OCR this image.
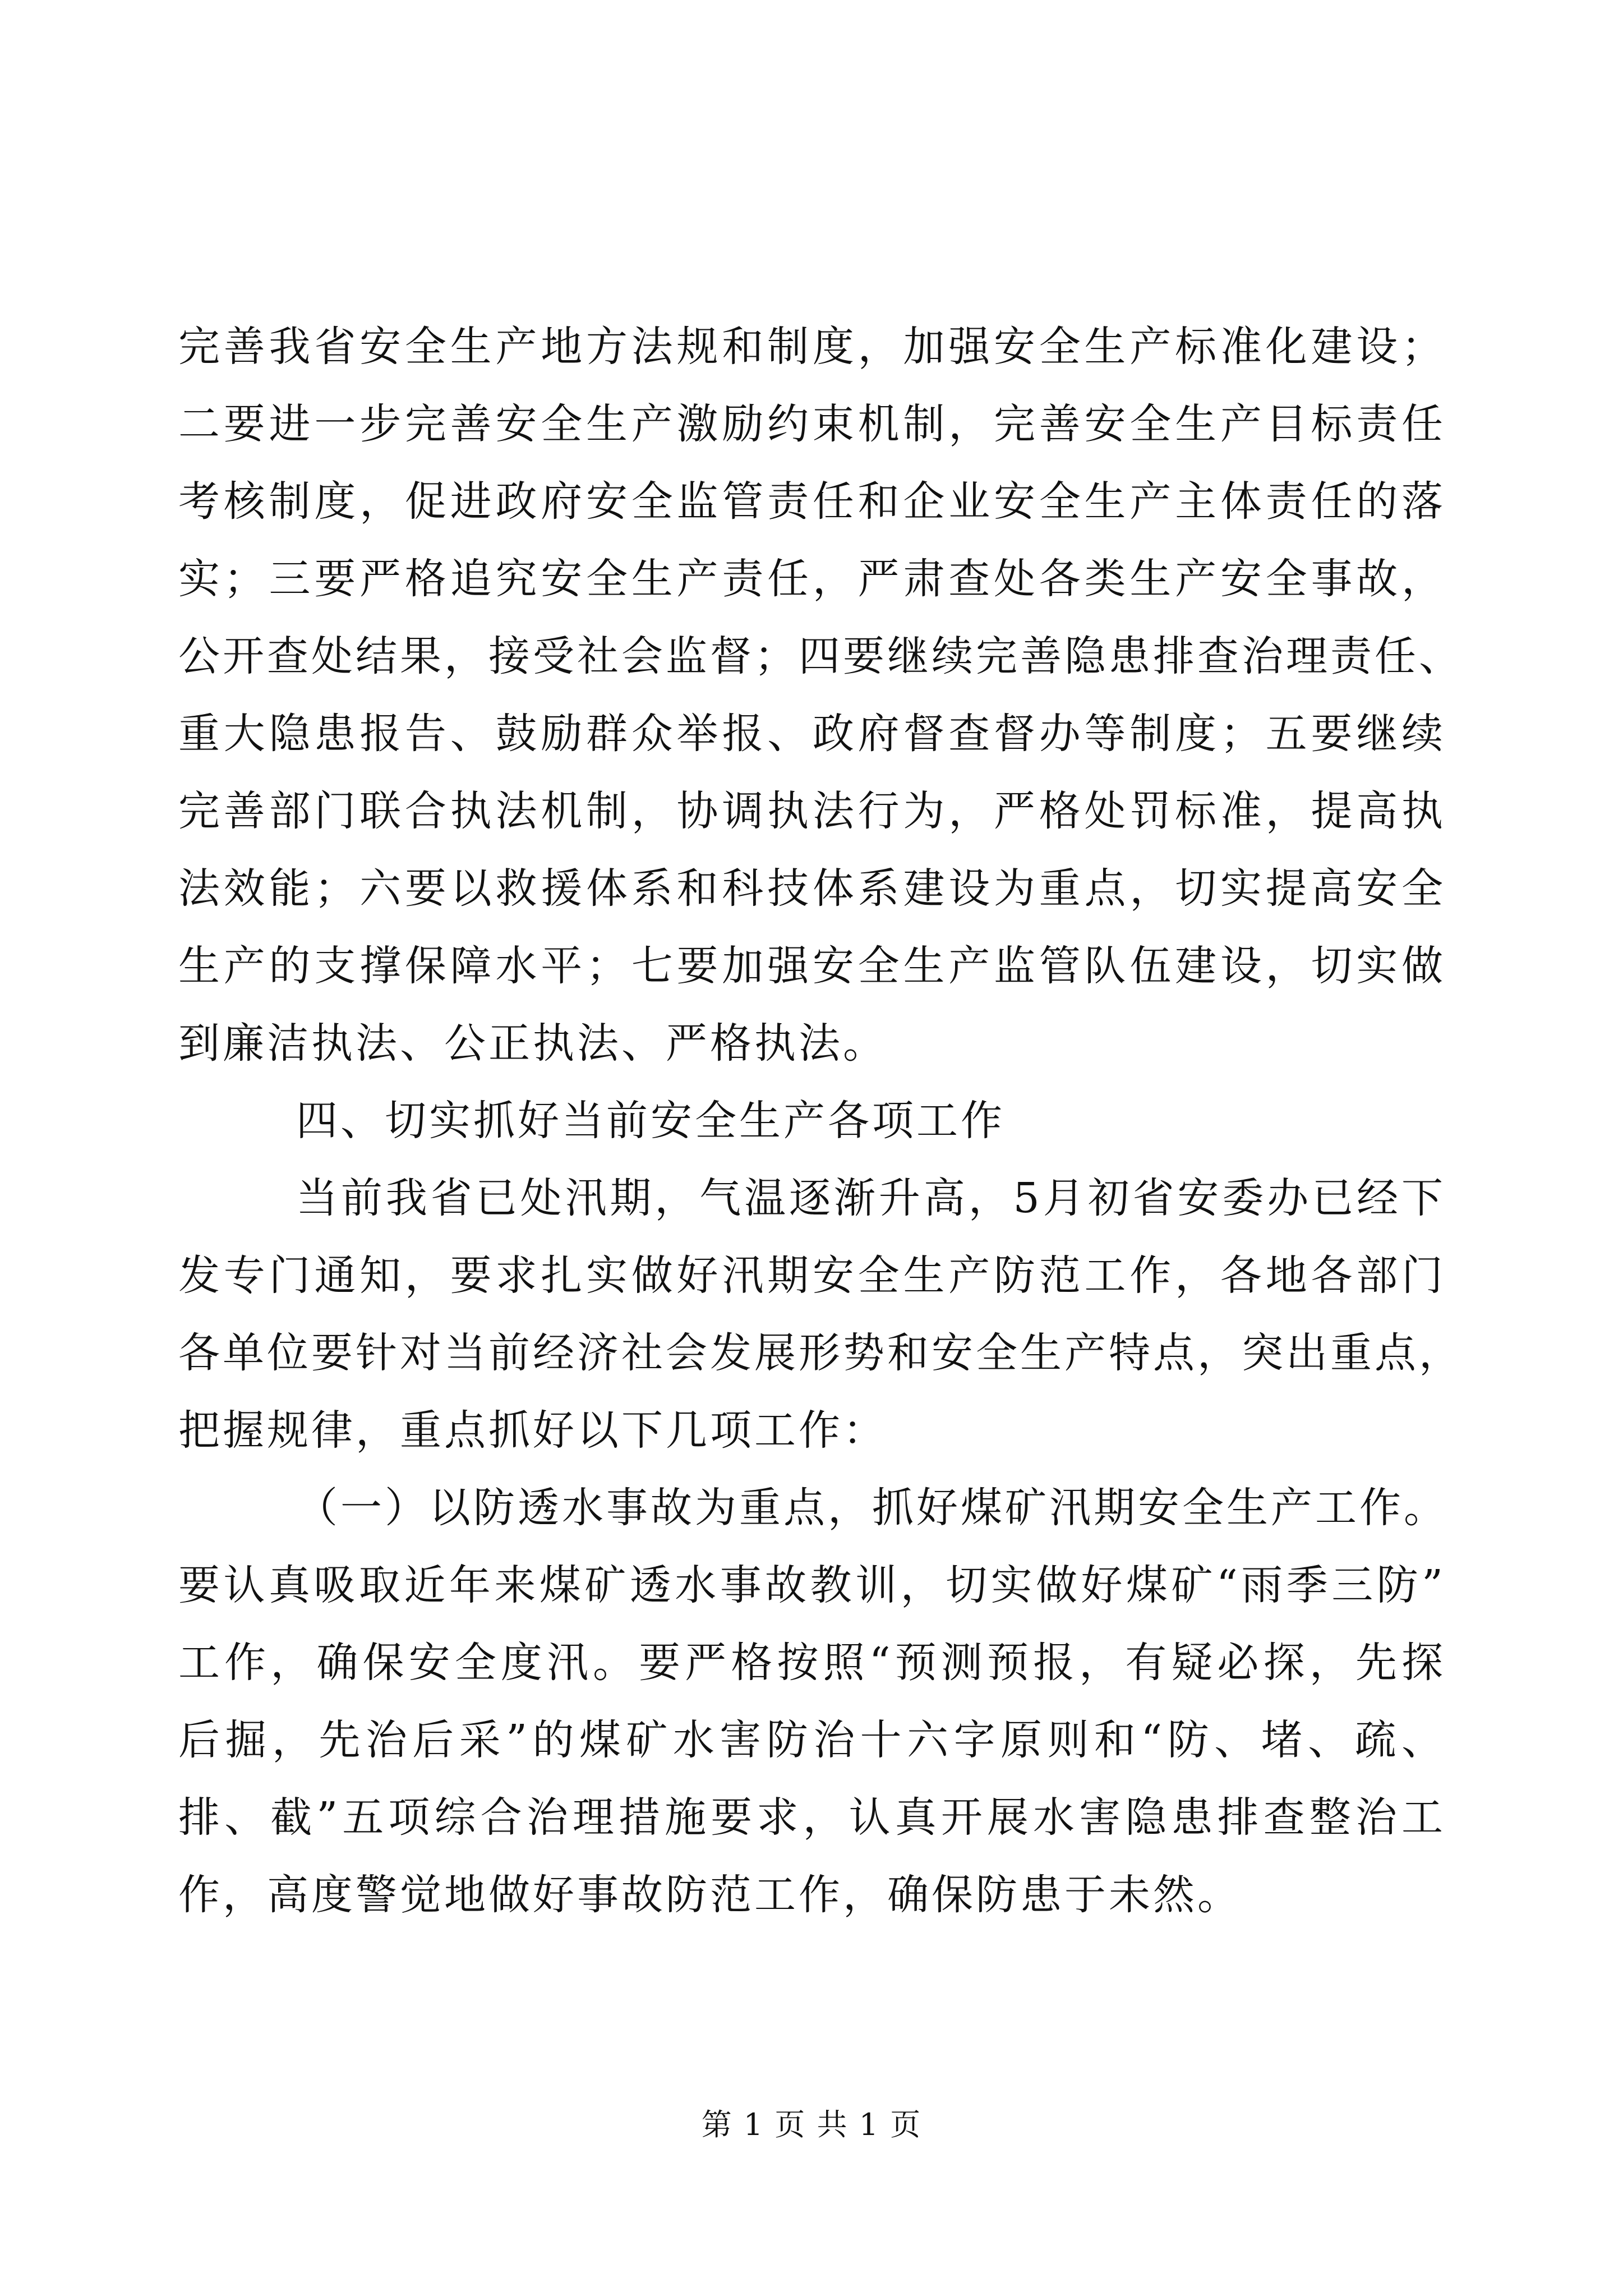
完善我省安全生产地方法规和制度，加强安全生产标准化建设；
二要进一步完善安全生产激励约束机制，完善安全生产目标责任
考核制度，促进政府安全监管责任和企业安全生产主体责任的落
实；三要严格追究安全生产责任，严肃查处各类生产安全事故，
公开查处结果，接受社会监督；四要继续完善隐患排查治理责任、
重大隐患报告、鼓励群众举报、政府督查督办等制度；五要继续
完善部门联合执法机制，协调执法行为，严格处罚标准，提高执
法效能；六要以救援体系和科技体系建设为重点，切实提高安全
生产的支撑保障水平；七要加强安全生产监管队伍建设，切实做
到廉洁执法、公正执法、严格执法。
四、切实抓好当前安全生产各项工作
当前我省已处汛期，气温逐渐升高，5月初省安委办已经下
发专门通知，要求扎实做好汛期安全生产防范工作，各地各部门
各单位要针对当前经济社会发展形势和安全生产特点，突出重点，
把握规律，重点抓好以下几项工作：
（一）以防透水事故为重点，抓好煤矿汛期安全生产工作。
要认真吸取近年来煤矿透水事故教训，切实做好煤矿“雨季三防”
工作，确保安全度汛。要严格按照“预测预报，有疑必探，先探
后掘，先治后采”的煤矿水害防治十六字原则和“防、堵、疏、
排、截”五项综合治理措施要求，认真开展水害隐患排查整治工
作，高度警觉地做好事故防范工作，确保防患于未然。
第 1 页 共 1 页
